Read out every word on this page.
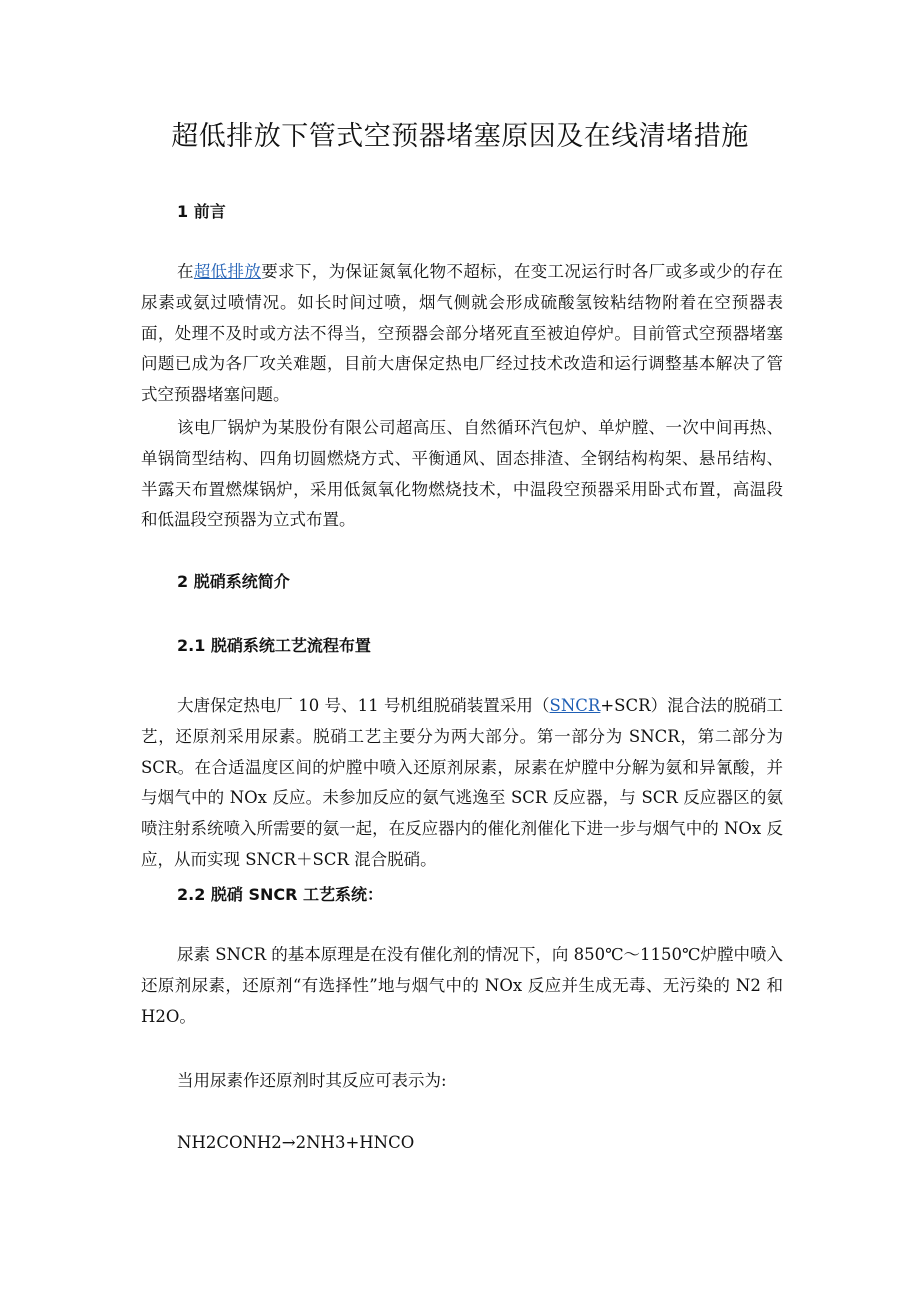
超低排放下管式空预器堵塞原因及在线清堵措施
1 前言
在超低排放要求下，为保证氮氧化物不超标，在变工况运行时各厂或多或少的存在尿素或氨过喷情况。如长时间过喷，烟气侧就会形成硫酸氢铵粘结物附着在空预器表面，处理不及时或方法不得当，空预器会部分堵死直至被迫停炉。目前管式空预器堵塞问题已成为各厂攻关难题，目前大唐保定热电厂经过技术改造和运行调整基本解决了管式空预器堵塞问题。
该电厂锅炉为某股份有限公司超高压、自然循环汽包炉、单炉膛、一次中间再热、单锅筒型结构、四角切圆燃烧方式、平衡通风、固态排渣、全钢结构构架、悬吊结构、半露天布置燃煤锅炉，采用低氮氧化物燃烧技术，中温段空预器采用卧式布置，高温段和低温段空预器为立式布置。
2 脱硝系统简介
2.1 脱硝系统工艺流程布置
大唐保定热电厂 10 号、11 号机组脱硝装置采用（SNCR+SCR）混合法的脱硝工艺，还原剂采用尿素。脱硝工艺主要分为两大部分。第一部分为 SNCR，第二部分为 SCR。在合适温度区间的炉膛中喷入还原剂尿素，尿素在炉膛中分解为氨和异氰酸，并与烟气中的 NOx 反应。未参加反应的氨气逃逸至 SCR 反应器，与 SCR 反应器区的氨喷注射系统喷入所需要的氨一起，在反应器内的催化剂催化下进一步与烟气中的 NOx 反应，从而实现 SNCR＋SCR 混合脱硝。
2.2 脱硝 SNCR 工艺系统：
尿素 SNCR 的基本原理是在没有催化剂的情况下，向 850℃～1150℃炉膛中喷入还原剂尿素，还原剂“有选择性”地与烟气中的 NOx 反应并生成无毒、无污染的 N2 和 H2O。
当用尿素作还原剂时其反应可表示为:
NH2CONH2→2NH3+HNCO
